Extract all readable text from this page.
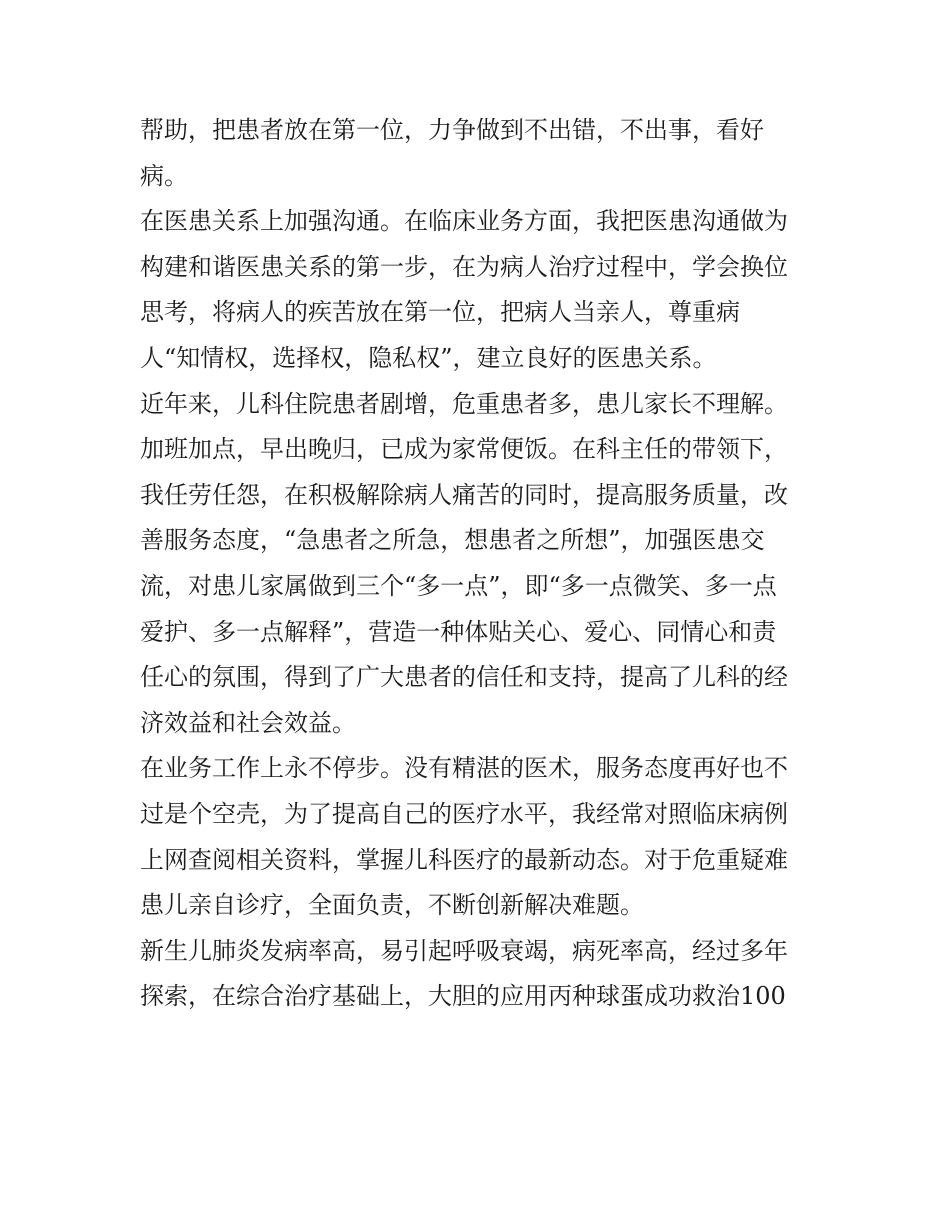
帮助，把患者放在第一位，力争做到不出错，不出事，看好
病。
在医患关系上加强沟通。在临床业务方面，我把医患沟通做为
构建和谐医患关系的第一步，在为病人治疗过程中，学会换位
思考，将病人的疾苦放在第一位，把病人当亲人，尊重病
人“知情权，选择权，隐私权”，建立良好的医患关系。
近年来，儿科住院患者剧增，危重患者多，患儿家长不理解。
加班加点，早出晚归，已成为家常便饭。在科主任的带领下，
我任劳任怨，在积极解除病人痛苦的同时，提高服务质量，改
善服务态度，“急患者之所急，想患者之所想”，加强医患交
流，对患儿家属做到三个“多一点”，即“多一点微笑、多一点
爱护、多一点解释”，营造一种体贴关心、爱心、同情心和责
任心的氛围，得到了广大患者的信任和支持，提高了儿科的经
济效益和社会效益。
在业务工作上永不停步。没有精湛的医术，服务态度再好也不
过是个空壳，为了提高自己的医疗水平，我经常对照临床病例
上网查阅相关资料，掌握儿科医疗的最新动态。对于危重疑难
患儿亲自诊疗，全面负责，不断创新解决难题。
新生儿肺炎发病率高，易引起呼吸衰竭，病死率高，经过多年
探索，在综合治疗基础上，大胆的应用丙种球蛋成功救治100
